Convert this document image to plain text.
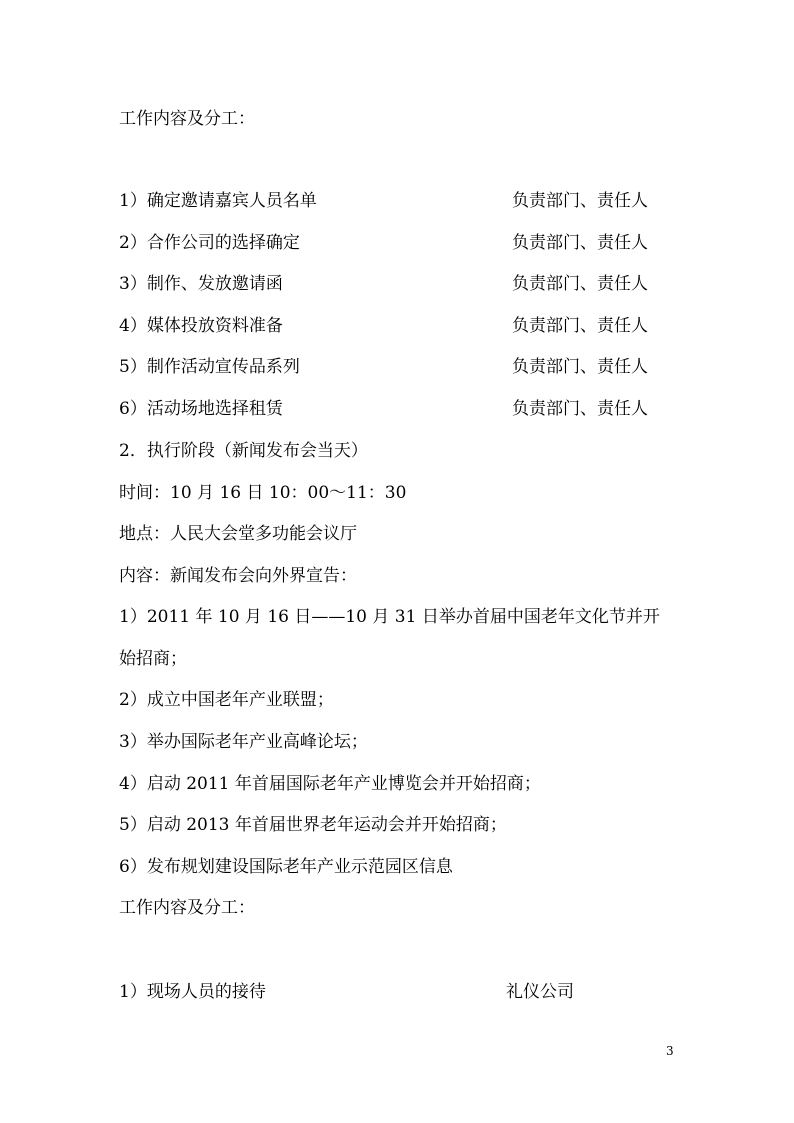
工作内容及分工：
1）确定邀请嘉宾人员名单	负责部门、责任人
2）合作公司的选择确定	负责部门、责任人
3）制作、发放邀请函	负责部门、责任人
4）媒体投放资料准备	负责部门、责任人
5）制作活动宣传品系列	负责部门、责任人
6）活动场地选择租赁	负责部门、责任人
2．执行阶段（新闻发布会当天）
时间：10 月 16 日 10：00～11：30
地点：人民大会堂多功能会议厅
内容：新闻发布会向外界宣告：
1）2011 年 10 月 16 日——10 月 31 日举办首届中国老年文化节并开
始招商；
2）成立中国老年产业联盟；
3）举办国际老年产业高峰论坛；
4）启动 2011 年首届国际老年产业博览会并开始招商；
5）启动 2013 年首届世界老年运动会并开始招商；
6）发布规划建设国际老年产业示范园区信息
工作内容及分工：
1）现场人员的接待	礼仪公司
3
